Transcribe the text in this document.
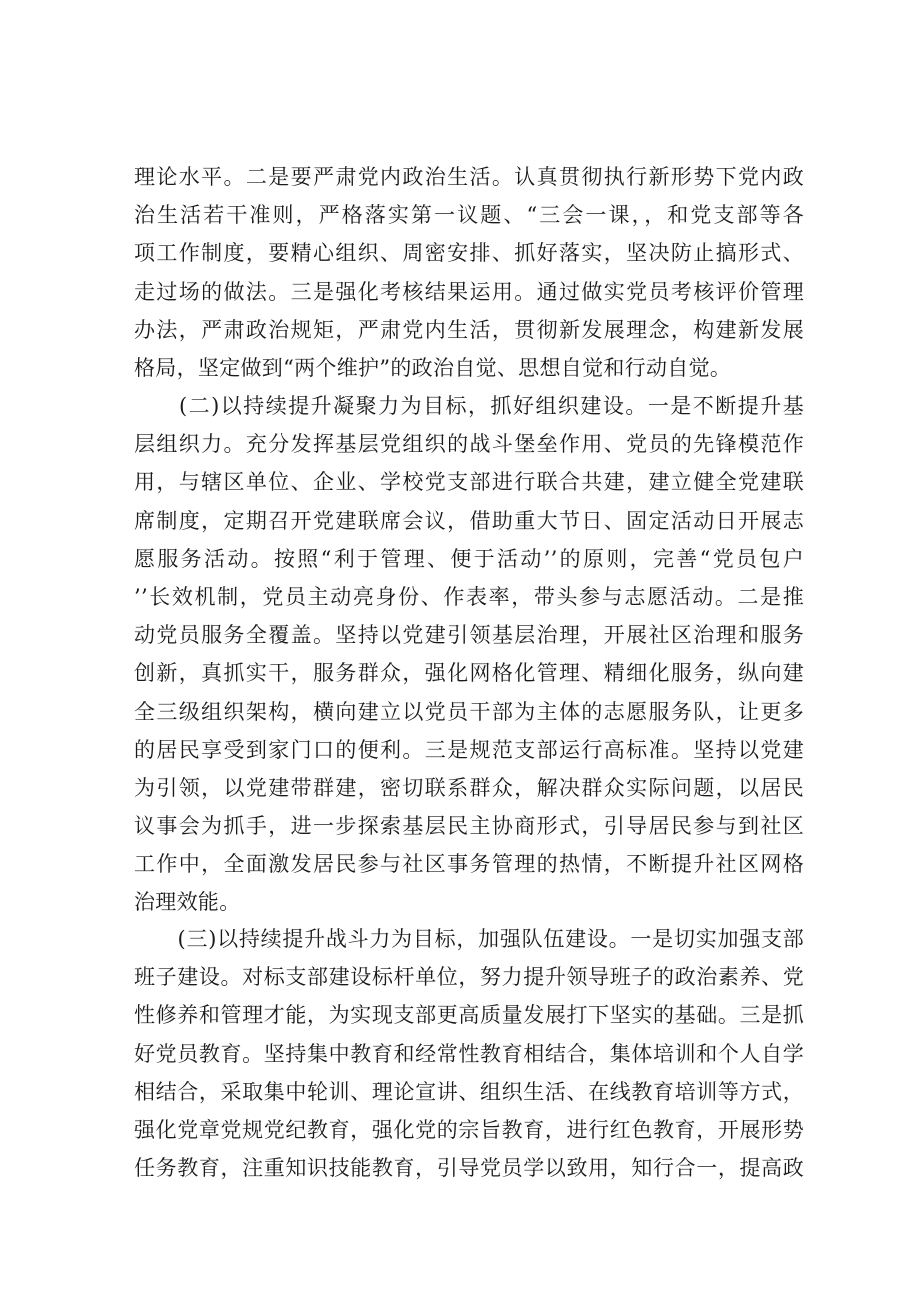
理论水平。二是要严肃党内政治生活。认真贯彻执行新形势下党内政
治生活若干准则，严格落实第一议题、“三会一课，，和党支部等各
项工作制度，要精心组织、周密安排、抓好落实，坚决防止搞形式、
走过场的做法。三是强化考核结果运用。通过做实党员考核评价管理
办法，严肃政治规矩，严肃党内生活，贯彻新发展理念，构建新发展
格局，坚定做到“两个维护”的政治自觉、思想自觉和行动自觉。
　　(二)以持续提升凝聚力为目标，抓好组织建设。一是不断提升基
层组织力。充分发挥基层党组织的战斗堡垒作用、党员的先锋模范作
用，与辖区单位、企业、学校党支部进行联合共建，建立健全党建联
席制度，定期召开党建联席会议，借助重大节日、固定活动日开展志
愿服务活动。按照“利于管理、便于活动’’的原则，完善“党员包户
’’长效机制，党员主动亮身份、作表率，带头参与志愿活动。二是推
动党员服务全覆盖。坚持以党建引领基层治理，开展社区治理和服务
创新，真抓实干，服务群众，强化网格化管理、精细化服务，纵向建
全三级组织架构，横向建立以党员干部为主体的志愿服务队，让更多
的居民享受到家门口的便利。三是规范支部运行高标准。坚持以党建
为引领，以党建带群建，密切联系群众，解决群众实际问题，以居民
议事会为抓手，进一步探索基层民主协商形式，引导居民参与到社区
工作中，全面激发居民参与社区事务管理的热情，不断提升社区网格
治理效能。
　　(三)以持续提升战斗力为目标，加强队伍建设。一是切实加强支部
班子建设。对标支部建设标杆单位，努力提升领导班子的政治素养、党
性修养和管理才能，为实现支部更高质量发展打下坚实的基础。三是抓
好党员教育。坚持集中教育和经常性教育相结合，集体培训和个人自学
相结合，采取集中轮训、理论宣讲、组织生活、在线教育培训等方式，
强化党章党规党纪教育，强化党的宗旨教育，进行红色教育，开展形势
任务教育，注重知识技能教育，引导党员学以致用，知行合一，提高政
